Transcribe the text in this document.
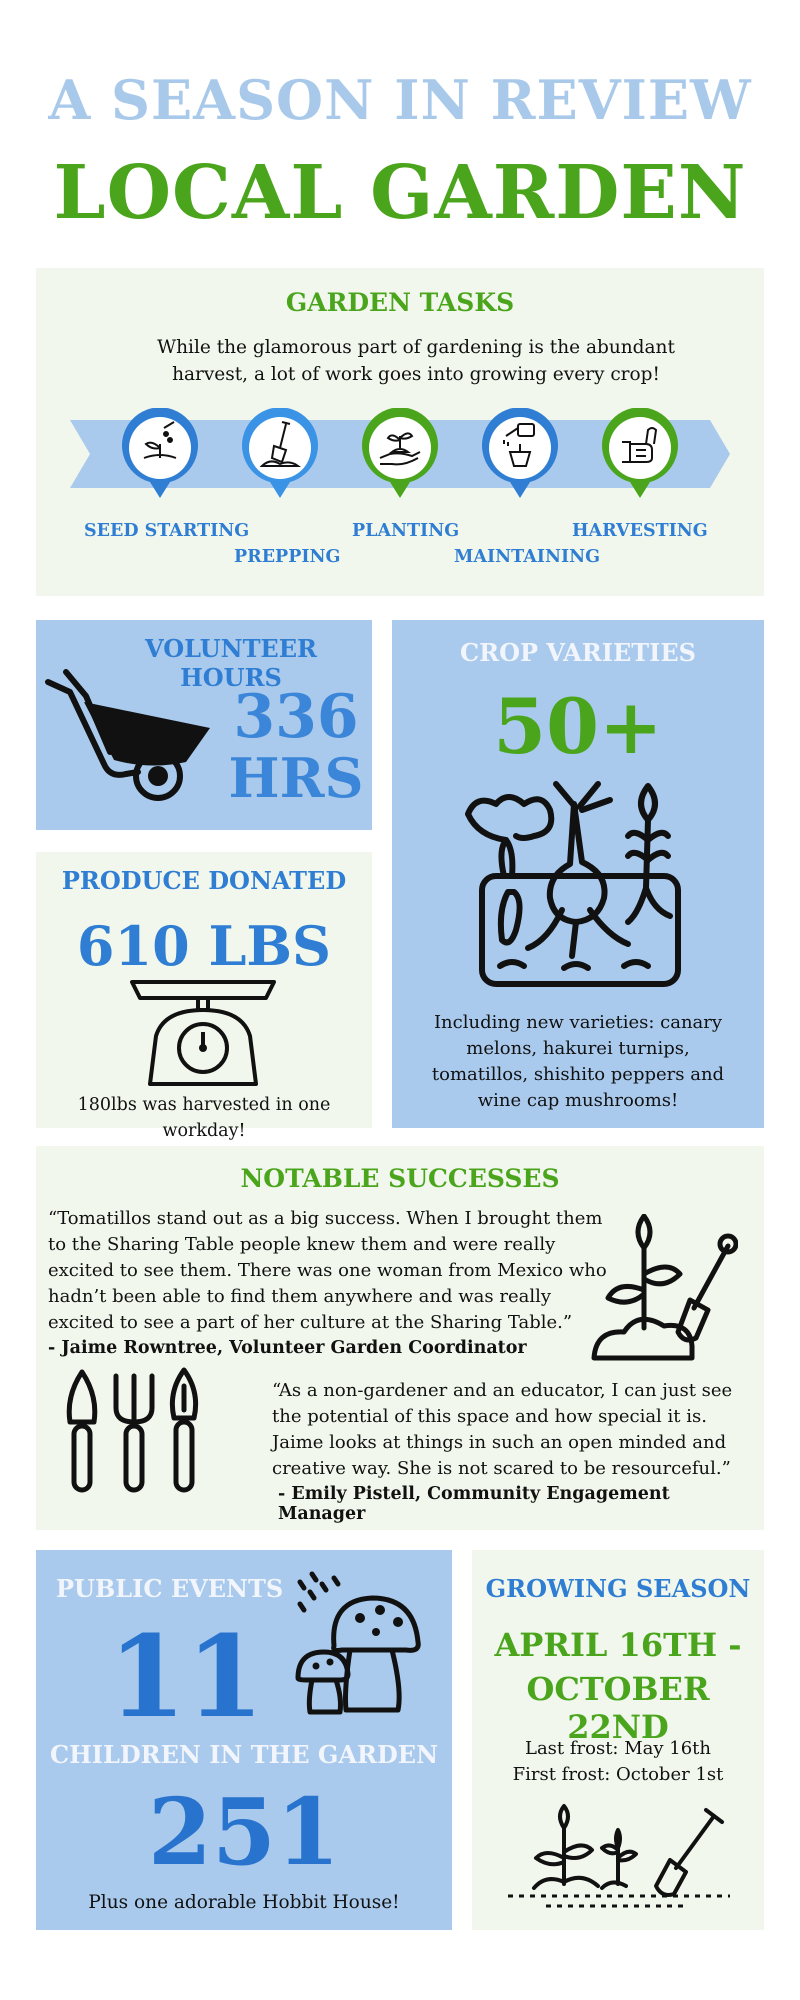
A SEASON IN REVIEW
LOCAL GARDEN
GARDEN TASKS
While the glamorous part of gardening is the abundant harvest, a lot of work goes into growing every crop!
SEED STARTING
PREPPING
PLANTING
MAINTAINING
HARVESTING
VOLUNTEER HOURS
336
HRS
PRODUCE DONATED
610 LBS
180lbs was harvested in one workday!
CROP VARIETIES
50+
Including new varieties: canary melons, hakurei turnips, tomatillos, shishito peppers and wine cap mushrooms!
NOTABLE SUCCESSES
“Tomatillos stand out as a big success. When I brought them to the Sharing Table people knew them and were really excited to see them. There was one woman from Mexico who hadn’t been able to find them anywhere and was really excited to see a part of her culture at the Sharing Table.”
- Jaime Rowntree, Volunteer Garden Coordinator
“As a non-gardener and an educator, I can just see the potential of this space and how special it is. Jaime looks at things in such an open minded and creative way. She is not scared to be resourceful.”
- Emily Pistell, Community Engagement Manager
PUBLIC EVENTS
11
CHILDREN IN THE GARDEN
251
Plus one adorable Hobbit House!
GROWING SEASON
APRIL 16TH -
OCTOBER 22ND
Last frost: May 16th
First frost: October 1st
